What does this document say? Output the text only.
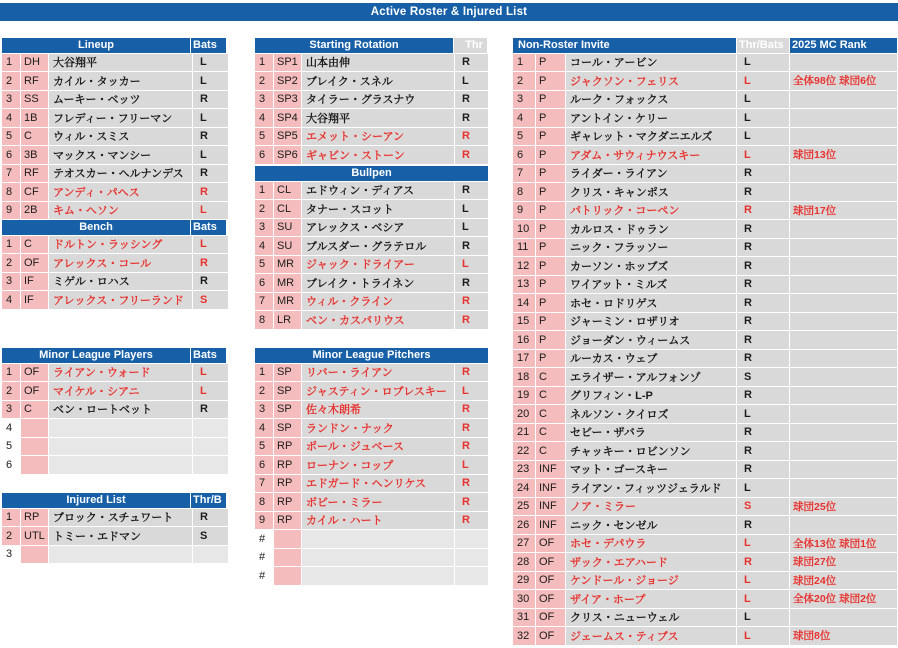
Active Roster & Injured List
Lineup	Bats
1	DH	大谷翔平	L
2	RF	カイル・タッカー	L
3	SS	ムーキー・ベッツ	R
4	1B	フレディー・フリーマン	L
5	C	ウィル・スミス	R
6	3B	マックス・マンシー	L
7	RF	テオスカー・ヘルナンデス	R
8	CF	アンディ・パヘス	R
9	2B	キム・ヘソン	L
Bench	Bats
1	C	ドルトン・ラッシング	L
2	OF	アレックス・コール	R
3	IF	ミゲル・ロハス	R
4	IF	アレックス・フリーランド	S
Minor League Players	Bats
1	OF	ライアン・ウォード	L
2	OF	マイケル・シアニ	L
3	C	ベン・ロートベット	R
4
5
6
Injured List	Thr/B
1	RP	ブロック・スチュワート	R
2	UTL トミー・エドマン	S
3
Starting Rotation	Thr
1	SP1 山本由伸	R
2	SP2 ブレイク・スネル	L
3	SP3 タイラー・グラスナウ	R
4	SP4 大谷翔平	R
5	SP5 エメット・シーアン	R
6	SP6 ギャビン・ストーン	R
Bullpen
1	CL	エドウィン・ディアス	R
2	CL	タナー・スコット	L
3	SU	アレックス・ベシア	L
4	SU	ブルスダー・グラテロル	R
5	MR	ジャック・ドライアー	L
6	MR	ブレイク・トライネン	R
7	MR	ウィル・クライン	R
8	LR	ベン・カスパリウス	R
Minor League Pitchers
1	SP	リバー・ライアン	R
2	SP	ジャスティン・ロブレスキー	L
3	SP	佐々木朗希	R
4	SP	ランドン・ナック	R
5	RP	ポール・ジュベース	R
6	RP	ローナン・コップ	L
7	RP	エドガード・ヘンリケス	R
8	RP	ボビー・ミラー	R
9	RP	カイル・ハート	R
#
#
#
Non-Roster Invite	Thr/Bats 2025 MC Rank
1	P	コール・アービン	L
2	P	ジャクソン・フェリス	L	全体98位 球団6位
3	P	ルーク・フォックス	L
4	P	アントイン・ケリー	L
5	P	ギャレット・マクダニエルズ	L
6	P	アダム・サウィナウスキー	L	球団13位
7	P	ライダー・ライアン	R
8	P	クリス・キャンポス	R
9	P	パトリック・コーペン	R	球団17位
10 P	カルロス・ドゥラン	R
11 P	ニック・フラッソー	R
12 P	カーソン・ホッブズ	R
13 P	ワイアット・ミルズ	R
14 P	ホセ・ロドリゲス	R
15 P	ジャーミン・ロザリオ	R
16 P	ジョーダン・ウィームス	R
17 P	ルーカス・ウェブ	R
18 C	エライザー・アルフォンゾ	S
19 C	グリフィン・L-P	R
20 C	ネルソン・クイロズ	L
21 C	セビー・ザバラ	R
22 C	チャッキー・ロビンソン	R
23 INF	マット・ゴースキー	R
24 INF	ライアン・フィッツジェラルド	L
25 INF	ノア・ミラー	S	球団25位
26 INF	ニック・センゼル	R
27 OF	ホセ・デパウラ	L	全体13位 球団1位
28 OF	ザック・エアハード	R	球団27位
29 OF	ケンドール・ジョージ	L	球団24位
30 OF	ザイア・ホープ	L	全体20位 球団2位
31 OF	クリス・ニューウェル	L
32 OF	ジェームス・ティブス	L	球団8位
